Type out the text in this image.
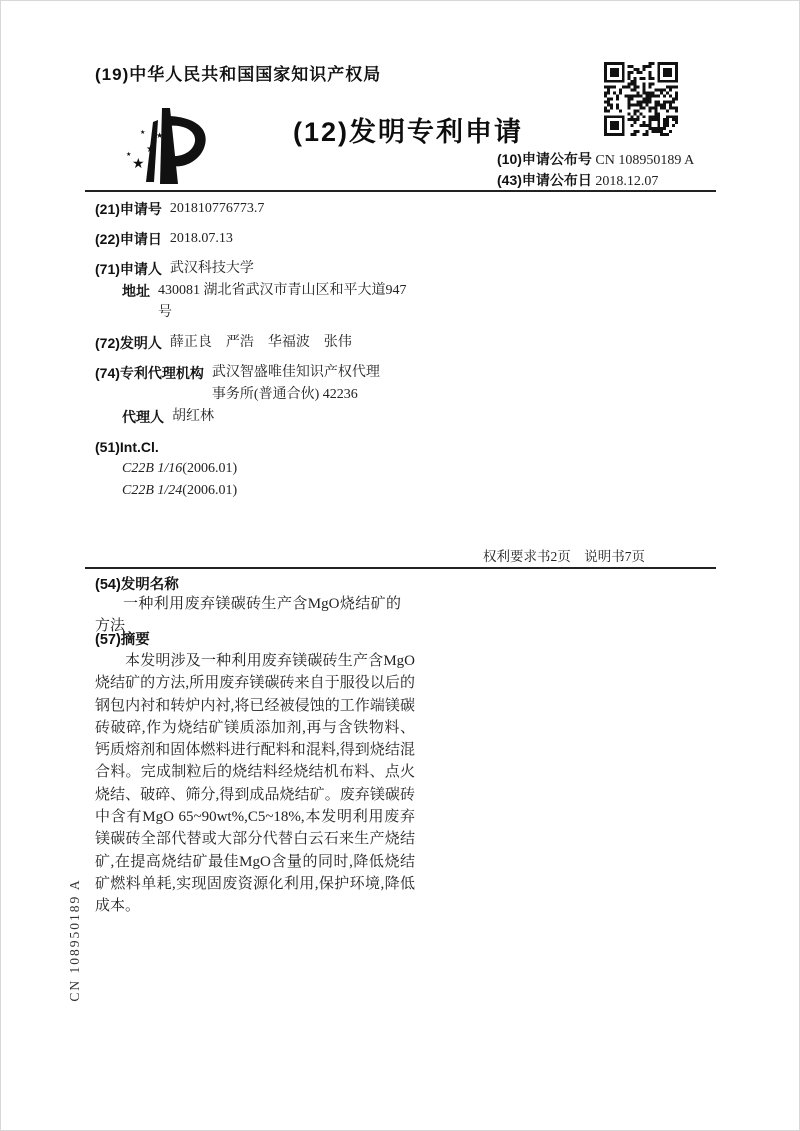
(19)中华人民共和国国家知识产权局
★
★
★
★
★	(12)发明专利申请
(10)申请公布号 CN 108950189 A
(43)申请公布日 2018.12.07
(21)申请号 201810776773.7
(22)申请日 2018.07.13
(71)申请人 武汉科技大学
地址 430081 湖北省武汉市青山区和平大道947号
(72)发明人 薛正良　严浩　华福波　张伟
(74)专利代理机构 武汉智盛唯佳知识产权代理事务所(普通合伙) 42236
代理人 胡红林
(51)Int.Cl.
C22B 1/16(2006.01)
C22B 1/24(2006.01)
权利要求书2页　说明书7页
(54)发明名称
一种利用废弃镁碳砖生产含MgO烧结矿的方法
(57)摘要
本发明涉及一种利用废弃镁碳砖生产含MgO烧结矿的方法,所用废弃镁碳砖来自于服役以后的钢包内衬和转炉内衬,将已经被侵蚀的工作端镁碳砖破碎,作为烧结矿镁质添加剂,再与含铁物料、钙质熔剂和固体燃料进行配料和混料,得到烧结混合料。完成制粒后的烧结料经烧结机布料、点火烧结、破碎、筛分,得到成品烧结矿。废弃镁碳砖中含有MgO 65~90wt%,C5~18%,本发明利用废弃镁碳砖全部代替或大部分代替白云石来生产烧结矿,在提高烧结矿最佳MgO含量的同时,降低烧结矿燃料单耗,实现固废资源化利用,保护环境,降低成本。
CN 108950189 A
